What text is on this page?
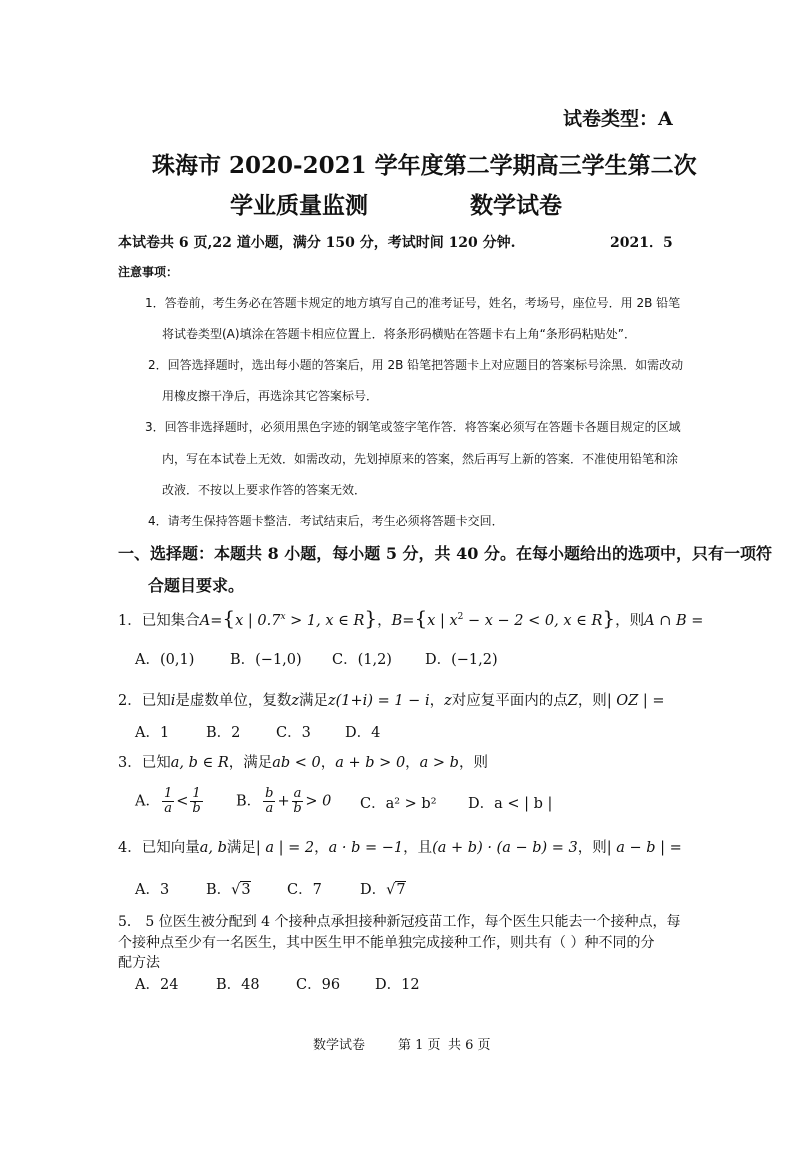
试卷类型：A
珠海市 2020-2021 学年度第二学期高三学生第二次
学业质量监测	数学试卷
本试卷共 6 页,22 道小题，满分 150 分，考试时间 120 分钟.	2021．5
注意事项：
1．答卷前，考生务必在答题卡规定的地方填写自己的准考证号，姓名，考场号，座位号．用 2B 铅笔
将试卷类型(A)填涂在答题卡相应位置上．将条形码横贴在答题卡右上角“条形码粘贴处”．
2．回答选择题时，选出每小题的答案后，用 2B 铅笔把答题卡上对应题目的答案标号涂黑．如需改动
用橡皮擦干净后，再选涂其它答案标号．
3．回答非选择题时，必须用黑色字迹的钢笔或签字笔作答．将答案必须写在答题卡各题目规定的区域
内，写在本试卷上无效．如需改动，先划掉原来的答案，然后再写上新的答案．不准使用铅笔和涂
改液．不按以上要求作答的答案无效．
4．请考生保持答题卡整洁．考试结束后，考生必须将答题卡交回．
一、选择题：本题共 8 小题，每小题 5 分，共 40 分。在每小题给出的选项中，只有一项符
合题目要求。
1．已知集合A={x | $0.7^x > 1$, x ∈ R}，B={x | $x^2 - x - 2 < 0$, x ∈ R}，则A ∩ B =
A．(0,1) B．(−1,0) C．(1,2) D．(−1,2)
2．已知i是虚数单位，复数z满足z(1+i) = 1 − i，z对应复平面内的点Z，则| OZ | =
A．1	B．2 C．3 D．4
3．已知a, b ∈ R，满足ab < 0，a + b > 0，a > b，则
A． $\frac{1}{a} < \frac{1}{b}$ B． $\frac{b}{a} + \frac{a}{b} > 0$ C．a² > b² D．a < | b |
4．已知向量a, b满足| a | = 2，a · b = −1，且(a + b) · (a − b) = 3，则| a − b | =
A．3	B．√3	C．7	D．√7
5． 5 位医生被分配到 4 个接种点承担接种新冠疫苗工作，每个医生只能去一个接种点，每
个接种点至少有一名医生，其中医生甲不能单独完成接种工作，则共有（ ）种不同的分
配方法
A．24	B．48	C．96 D．12
数学试卷	第 1 页 共 6 页
